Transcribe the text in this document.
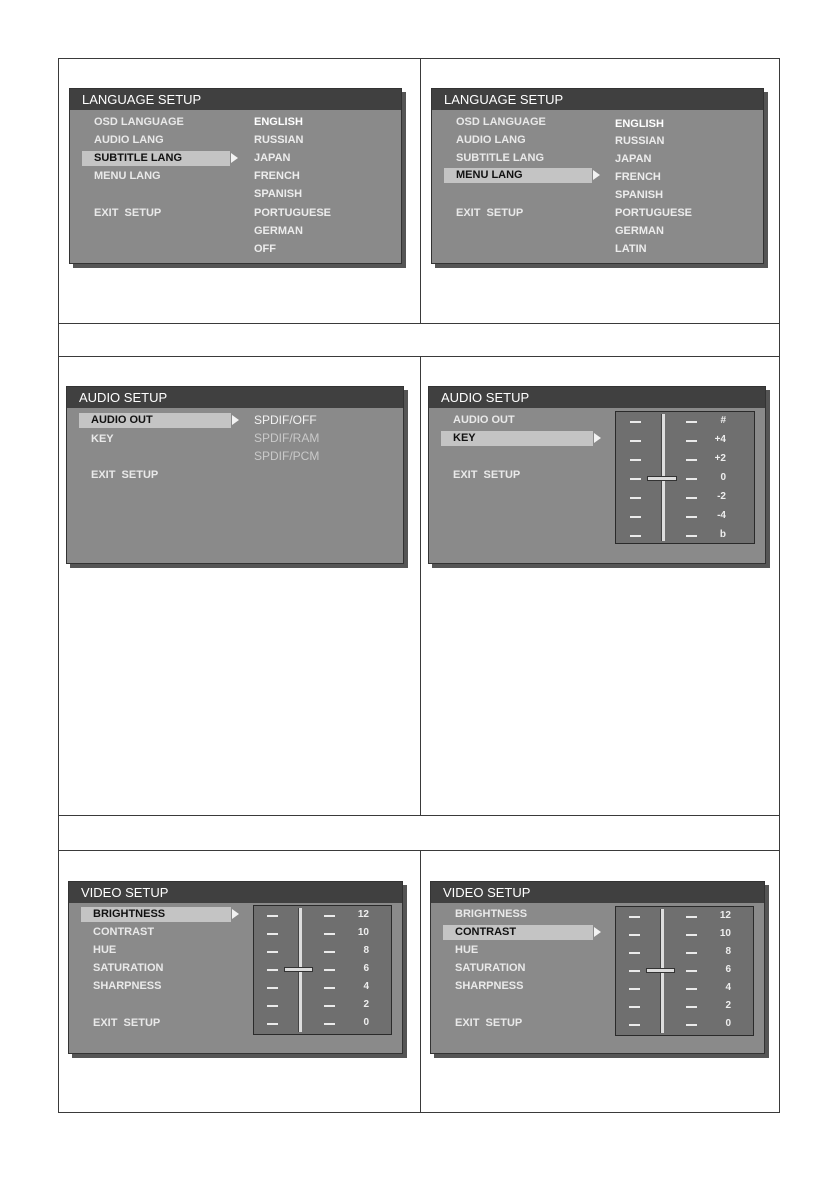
LANGUAGE SETUP
OSD LANGUAGE
AUDIO LANG
SUBTITLE LANG
MENU LANG
EXIT  SETUP
ENGLISH
RUSSIAN
JAPAN
FRENCH
SPANISH
PORTUGUESE
GERMAN
OFF
LANGUAGE SETUP
OSD LANGUAGE
AUDIO LANG
SUBTITLE LANG
MENU LANG
EXIT  SETUP
ENGLISH
RUSSIAN
JAPAN
FRENCH
SPANISH
PORTUGUESE
GERMAN
LATIN
AUDIO SETUP
AUDIO OUT
KEY
EXIT  SETUP
SPDIF/OFF
SPDIF/RAM
SPDIF/PCM
AUDIO SETUP
AUDIO OUT
KEY
EXIT  SETUP
#
+4
+2
0
-2
-4
b
VIDEO SETUP
BRIGHTNESS
CONTRAST
HUE
SATURATION
SHARPNESS
EXIT  SETUP
12
10
8
6
4
2
0
VIDEO SETUP
BRIGHTNESS
CONTRAST
HUE
SATURATION
SHARPNESS
EXIT  SETUP
12
10
8
6
4
2
0
